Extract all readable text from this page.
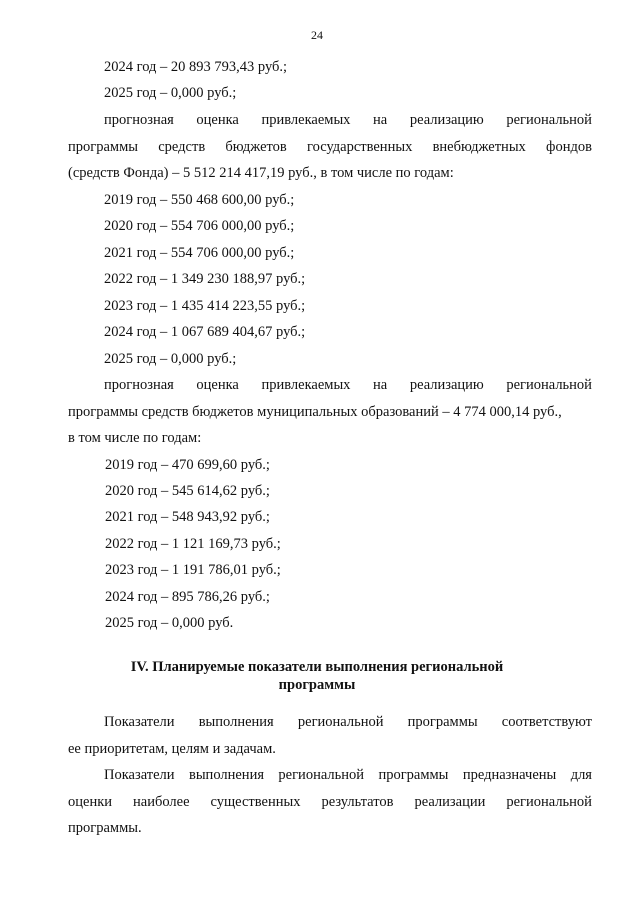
24
2024 год – 20 893 793,43 руб.;
2025 год – 0,000 руб.;
прогнозная оценка привлекаемых на реализацию региональной
программы средств бюджетов государственных внебюджетных фондов
(средств Фонда) – 5 512 214 417,19 руб., в том числе по годам:
2019 год – 550 468 600,00 руб.;
2020 год – 554 706 000,00 руб.;
2021 год – 554 706 000,00 руб.;
2022 год – 1 349 230 188,97 руб.;
2023 год – 1 435 414 223,55 руб.;
2024 год – 1 067 689 404,67 руб.;
2025 год – 0,000 руб.;
прогнозная оценка привлекаемых на реализацию региональной
программы средств бюджетов муниципальных образований – 4 774 000,14 руб.,
в том числе по годам:
2019 год – 470 699,60 руб.;
2020 год – 545 614,62 руб.;
2021 год – 548 943,92 руб.;
2022 год – 1 121 169,73 руб.;
2023 год – 1 191 786,01 руб.;
2024 год – 895 786,26 руб.;
2025 год – 0,000 руб.
IV. Планируемые показатели выполнения региональной
программы
Показатели выполнения региональной программы соответствуют
ее приоритетам, целям и задачам.
Показатели выполнения региональной программы предназначены для
оценки наиболее существенных результатов реализации региональной
программы.
